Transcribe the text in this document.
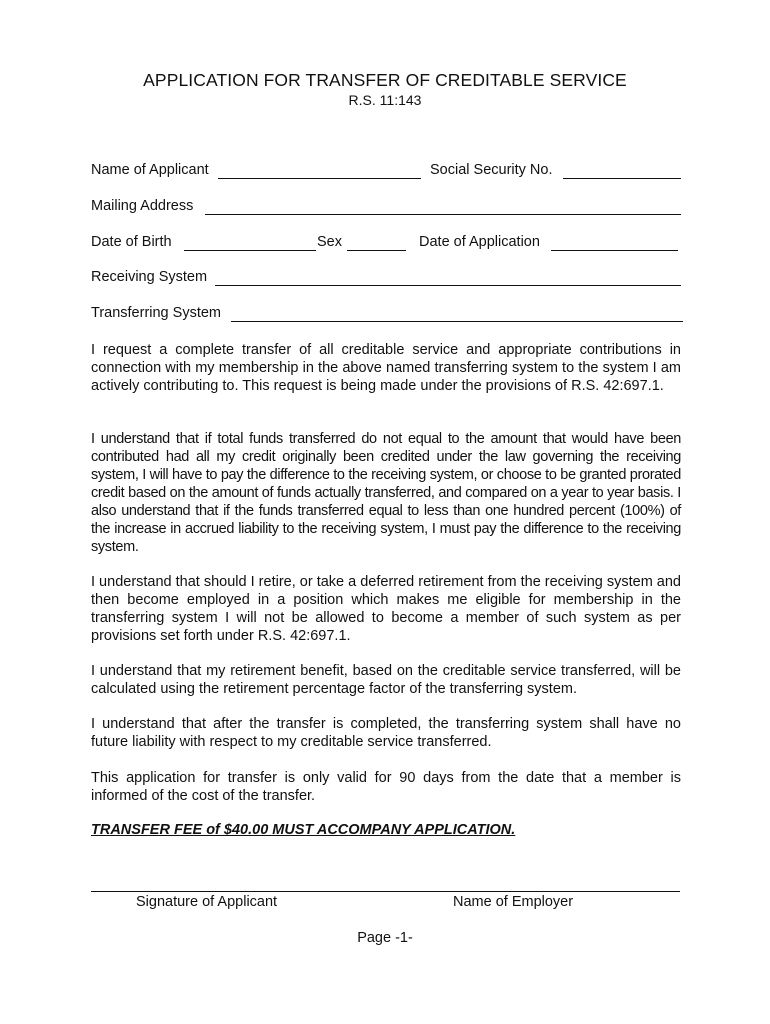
APPLICATION FOR TRANSFER OF CREDITABLE SERVICE
R.S. 11:143
Name of Applicant	Social Security No.
Mailing Address
Date of Birth	Sex	Date of Application
Receiving System
Transferring System
I request a complete transfer of all creditable service and appropriate contributions in connection with my membership in the above named transferring system to the system I am actively contributing to. This request is being made under the provisions of R.S. 42:697.1.
I understand that if total funds transferred do not equal to the amount that would have been contributed had all my credit originally been credited under the law governing the receiving system, I will have to pay the difference to the receiving system, or choose to be granted prorated credit based on the amount of funds actually transferred, and compared on a year to year basis. I also understand that if the funds transferred equal to less than one hundred percent (100%) of the increase in accrued liability to the receiving system, I must pay the difference to the receiving system.
I understand that should I retire, or take a deferred retirement from the receiving system and then become employed in a position which makes me eligible for membership in the transferring system I will not be allowed to become a member of such system as per provisions set forth under R.S. 42:697.1.
I understand that my retirement benefit, based on the creditable service transferred, will be calculated using the retirement percentage factor of the transferring system.
I understand that after the transfer is completed, the transferring system shall have no future liability with respect to my creditable service transferred.
This application for transfer is only valid for 90 days from the date that a member is informed of the cost of the transfer.
TRANSFER FEE of $40.00 MUST ACCOMPANY APPLICATION.
Signature of Applicant	Name of Employer
Page -1-
